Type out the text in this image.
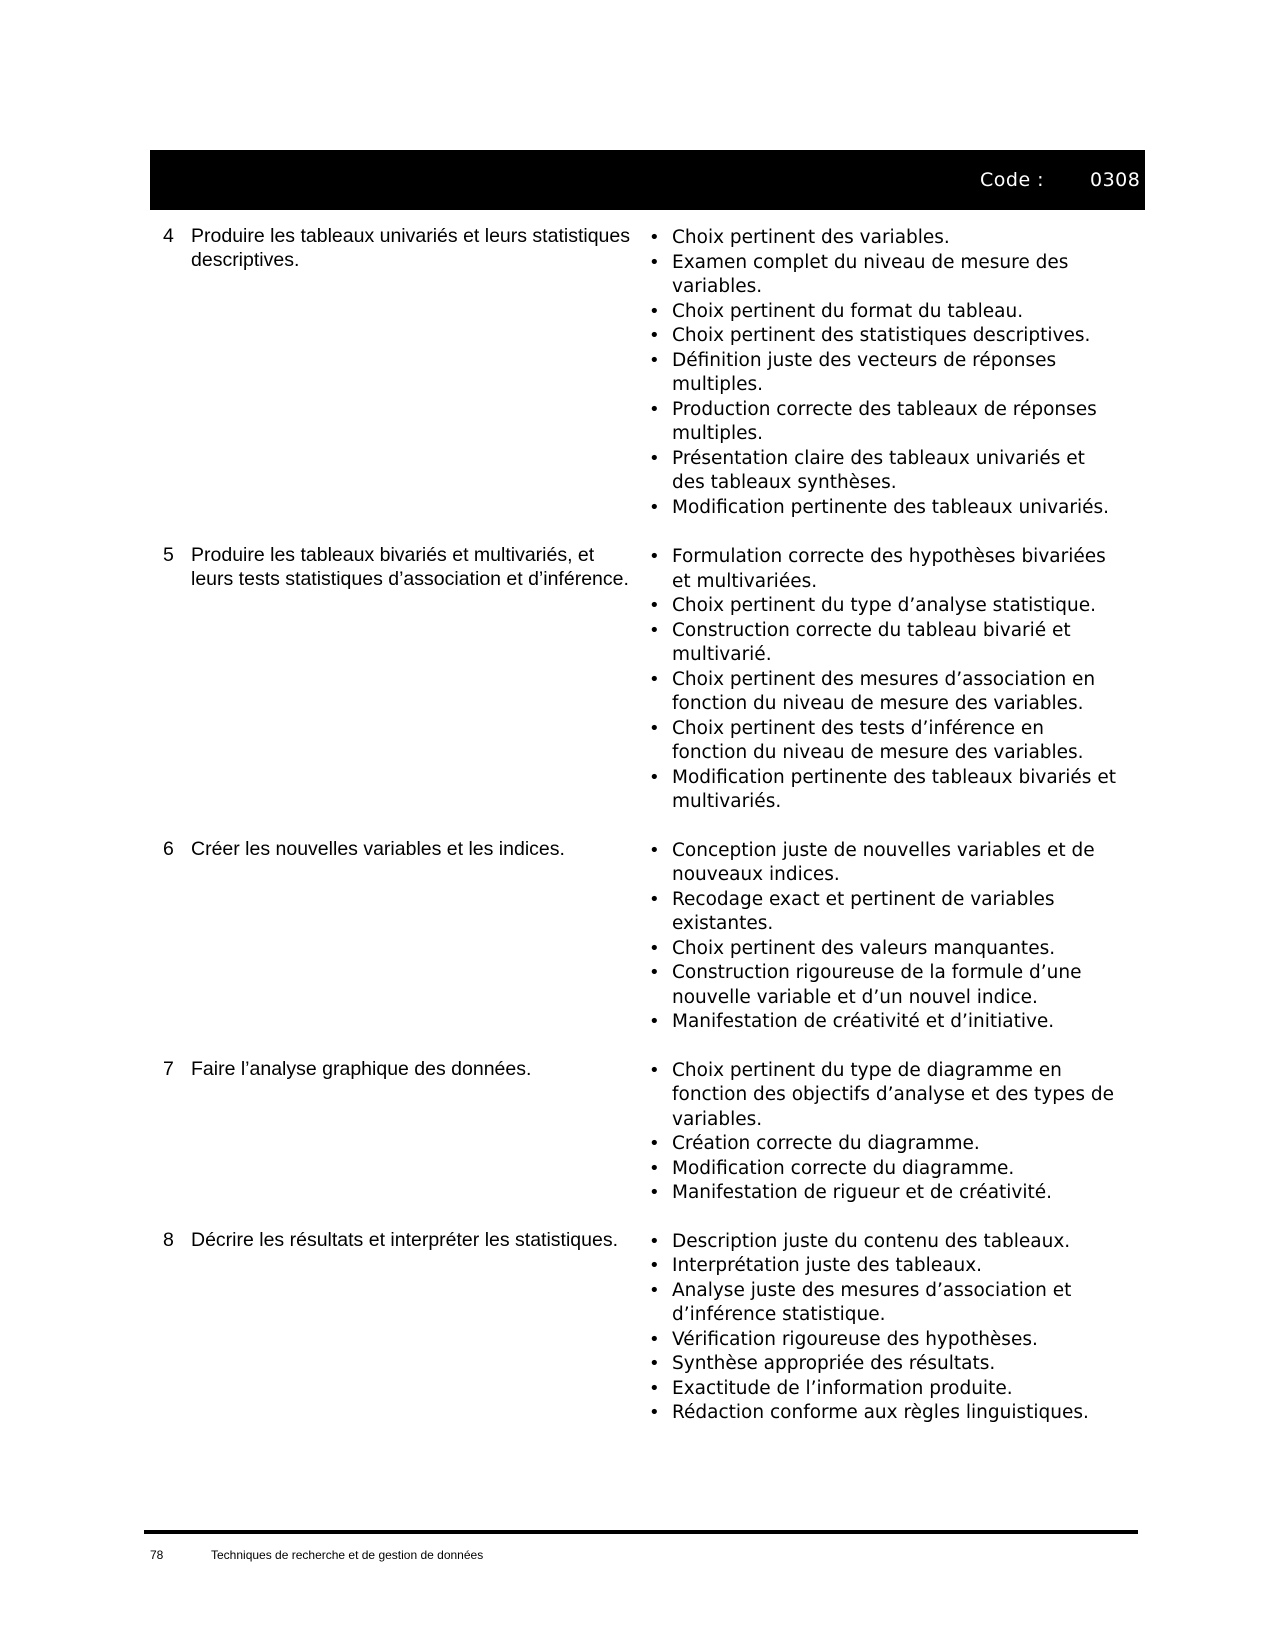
Code : 0308
4 Produire les tableaux univariés et leurs statistiques descriptives.
• Choix pertinent des variables.
• Examen complet du niveau de mesure des variables.
• Choix pertinent du format du tableau.
• Choix pertinent des statistiques descriptives.
• Définition juste des vecteurs de réponses multiples.
• Production correcte des tableaux de réponses multiples.
• Présentation claire des tableaux univariés et des tableaux synthèses.
• Modification pertinente des tableaux univariés.
5 Produire les tableaux bivariés et multivariés, et leurs tests statistiques d’association et d’inférence.
• Formulation correcte des hypothèses bivariées et multivariées.
• Choix pertinent du type d’analyse statistique.
• Construction correcte du tableau bivarié et multivarié.
• Choix pertinent des mesures d’association en fonction du niveau de mesure des variables.
• Choix pertinent des tests d’inférence en fonction du niveau de mesure des variables.
• Modification pertinente des tableaux bivariés et multivariés.
6 Créer les nouvelles variables et les indices.	• Conception juste de nouvelles variables et de nouveaux indices.
• Recodage exact et pertinent de variables existantes.
• Choix pertinent des valeurs manquantes.
• Construction rigoureuse de la formule d’une nouvelle variable et d’un nouvel indice.
• Manifestation de créativité et d’initiative.
7 Faire l’analyse graphique des données.	• Choix pertinent du type de diagramme en fonction des objectifs d’analyse et des types de variables.
• Création correcte du diagramme.
• Modification correcte du diagramme.
• Manifestation de rigueur et de créativité.
8 Décrire les résultats et interpréter les statistiques.	• Description juste du contenu des tableaux.
• Interprétation juste des tableaux.
• Analyse juste des mesures d’association et d’inférence statistique.
• Vérification rigoureuse des hypothèses.
• Synthèse appropriée des résultats.
• Exactitude de l’information produite.
• Rédaction conforme aux règles linguistiques.
78	Techniques de recherche et de gestion de données
